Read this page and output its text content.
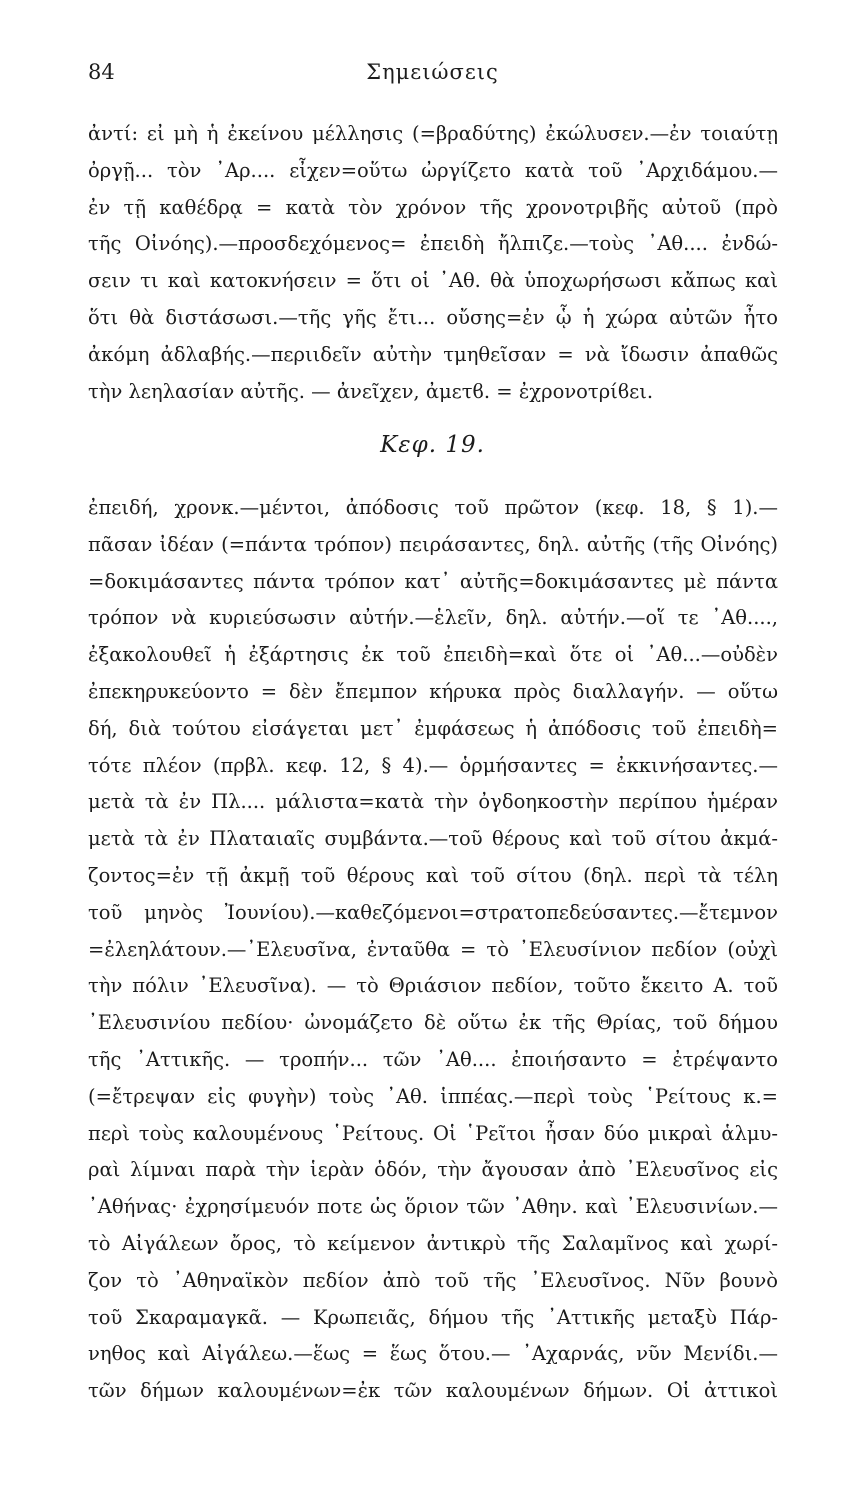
84	Σημειώσεις
ἀντί: εἰ μὴ ἡ ἐκείνου μέλλησις (=βραδύτης) ἐκώλυσεν.—ἐν τοιαύτῃ
ὀργῇ... τὸν ᾿Αρ.... εἶχεν=οὕτω ὠργίζετο κατὰ τοῦ ᾿Αρχιδάμου.—
ἐν τῇ καθέδρᾳ = κατὰ τὸν χρόνον τῆς χρονοτριβῆς αὐτοῦ (πρὸ
τῆς Οἰνόης).—προσδεχόμενος= ἐπειδὴ ἤλπιζε.—τοὺς ᾿Αθ.... ἐνδώ-
σειν τι καὶ κατοκνήσειν = ὅτι οἱ ᾿Αθ. θὰ ὑποχωρήσωσι κἄπως καὶ
ὅτι θὰ διστάσωσι.—τῆς γῆς ἔτι... οὔσης=ἐν ᾧ ἡ χώρα αὐτῶν ἦτο
ἀκόμη ἀδλαβής.—περιιδεῖν αὐτὴν τμηθεῖσαν = νὰ ἴδωσιν ἀπαθῶς
τὴν λεηλασίαν αὐτῆς. — ἀνεῖχεν, ἀμετϐ. = ἐχρονοτρίϐει.
Κεφ. 19.
ἐπειδή, χρονκ.—μέντοι, ἀπόδοσις τοῦ πρῶτον (κεφ. 18, § 1).—
πᾶσαν ἰδέαν (=πάντα τρόπον) πειράσαντες, δηλ. αὐτῆς (τῆς Οἰνόης)
=δοκιμάσαντες πάντα τρόπον κατ᾿ αὐτῆς=δοκιμάσαντες μὲ πάντα
τρόπον νὰ κυριεύσωσιν αὐτήν.—ἑλεῖν, δηλ. αὐτήν.—οἵ τε ᾿Αθ....,
ἐξακολουθεῖ ἡ ἐξάρτησις ἐκ τοῦ ἐπειδὴ=καὶ ὅτε οἱ ᾿Αθ...—οὐδὲν
ἐπεκηρυκεύοντο = δὲν ἔπεμπον κήρυκα πρὸς διαλλαγήν. — οὕτω
δή, διὰ τούτου εἰσάγεται μετ᾿ ἐμφάσεως ἡ ἀπόδοσις τοῦ ἐπειδὴ=
τότε πλέον (πρβλ. κεφ. 12, § 4).— ὁρμήσαντες = ἐκκινήσαντες.—
μετὰ τὰ ἐν Πλ.... μάλιστα=κατὰ τὴν ὀγδοηκοστὴν περίπου ἡμέραν
μετὰ τὰ ἐν Πλαταιαῖς συμβάντα.—τοῦ θέρους καὶ τοῦ σίτου ἀκμά-
ζοντος=ἐν τῇ ἀκμῇ τοῦ θέρους καὶ τοῦ σίτου (δηλ. περὶ τὰ τέλη
τοῦ μηνὸς Ἰουνίου).—καθεζόμενοι=στρατοπεδεύσαντες.—ἔτεμνον
=ἐλεηλάτουν.—᾿Ελευσῖνα, ἐνταῦθα = τὸ ᾿Ελευσίνιον πεδίον (οὐχὶ
τὴν πόλιν ᾿Ελευσῖνα). — τὸ Θριάσιον πεδίον, τοῦτο ἔκειτο Α. τοῦ
᾿Ελευσινίου πεδίου· ὠνομάζετο δὲ οὕτω ἐκ τῆς Θρίας, τοῦ δήμου
τῆς ᾿Αττικῆς. — τροπήν... τῶν ᾿Αθ.... ἐποιήσαντο = ἐτρέψαντο
(=ἔτρεψαν εἰς φυγὴν) τοὺς ᾿Αθ. ἱππέας.—περὶ τοὺς ῾Ρείτους κ.=
περὶ τοὺς καλουμένους ῾Ρείτους. Οἱ ῾Ρεῖτοι ἦσαν δύο μικραὶ ἁλμυ-
ραὶ λίμναι παρὰ τὴν ἱερὰν ὁδόν, τὴν ἄγουσαν ἀπὸ ᾿Ελευσῖνος εἰς
᾿Αθήνας· ἐχρησίμευόν ποτε ὡς ὅριον τῶν ᾿Αθην. καὶ ᾿Ελευσινίων.—
τὸ Αἰγάλεων ὄρος, τὸ κείμενον ἀντικρὺ τῆς Σαλαμῖνος καὶ χωρί-
ζον τὸ ᾿Αθηναϊκὸν πεδίον ἀπὸ τοῦ τῆς ᾿Ελευσῖνος. Νῦν βουνὸ
τοῦ Σκαραμαγκᾶ. — Κρωπειᾶς, δήμου τῆς ᾿Αττικῆς μεταξὺ Πάρ-
νηθος καὶ Αἰγάλεω.—ἕως = ἕως ὅτου.— ᾿Αχαρνάς, νῦν Μενίδι.—
τῶν δήμων καλουμένων=ἐκ τῶν καλουμένων δήμων. Οἱ ἀττικοὶ
